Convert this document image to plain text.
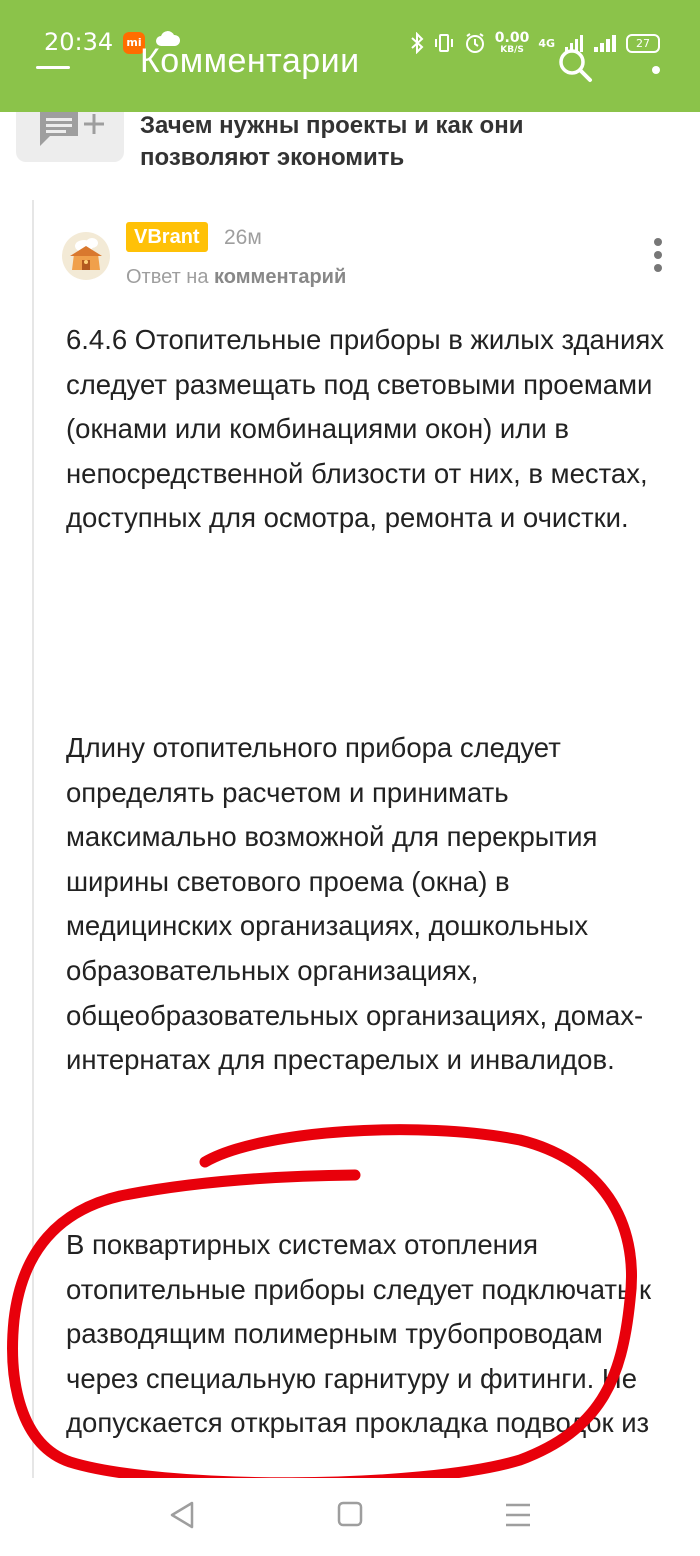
20:34	mi	0.00
KB/S
4G	27
Комментарии
Зачем нужны проекты и как они позволяют экономить
VBrant	26м
Ответ на комментарий

6.4.6 Отопительные приборы в жилых зданиях следует размещать под световыми проемами (окнами или комбинациями окон) или в непосредственной близости от них, в местах, доступных для осмотра, ремонта и очистки.

Длину отопительного прибора следует определять расчетом и принимать максимально возможной для перекрытия ширины светового проема (окна) в медицинских организациях, дошкольных образовательных организациях, общеобразовательных организациях, домах-интернатах для престарелых и инвалидов.

В поквартирных системах отопления отопительные приборы следует подключать к разводящим полимерным трубопроводам через специальную гарнитуру и фитинги. Не допускается открытая прокладка подводок из
